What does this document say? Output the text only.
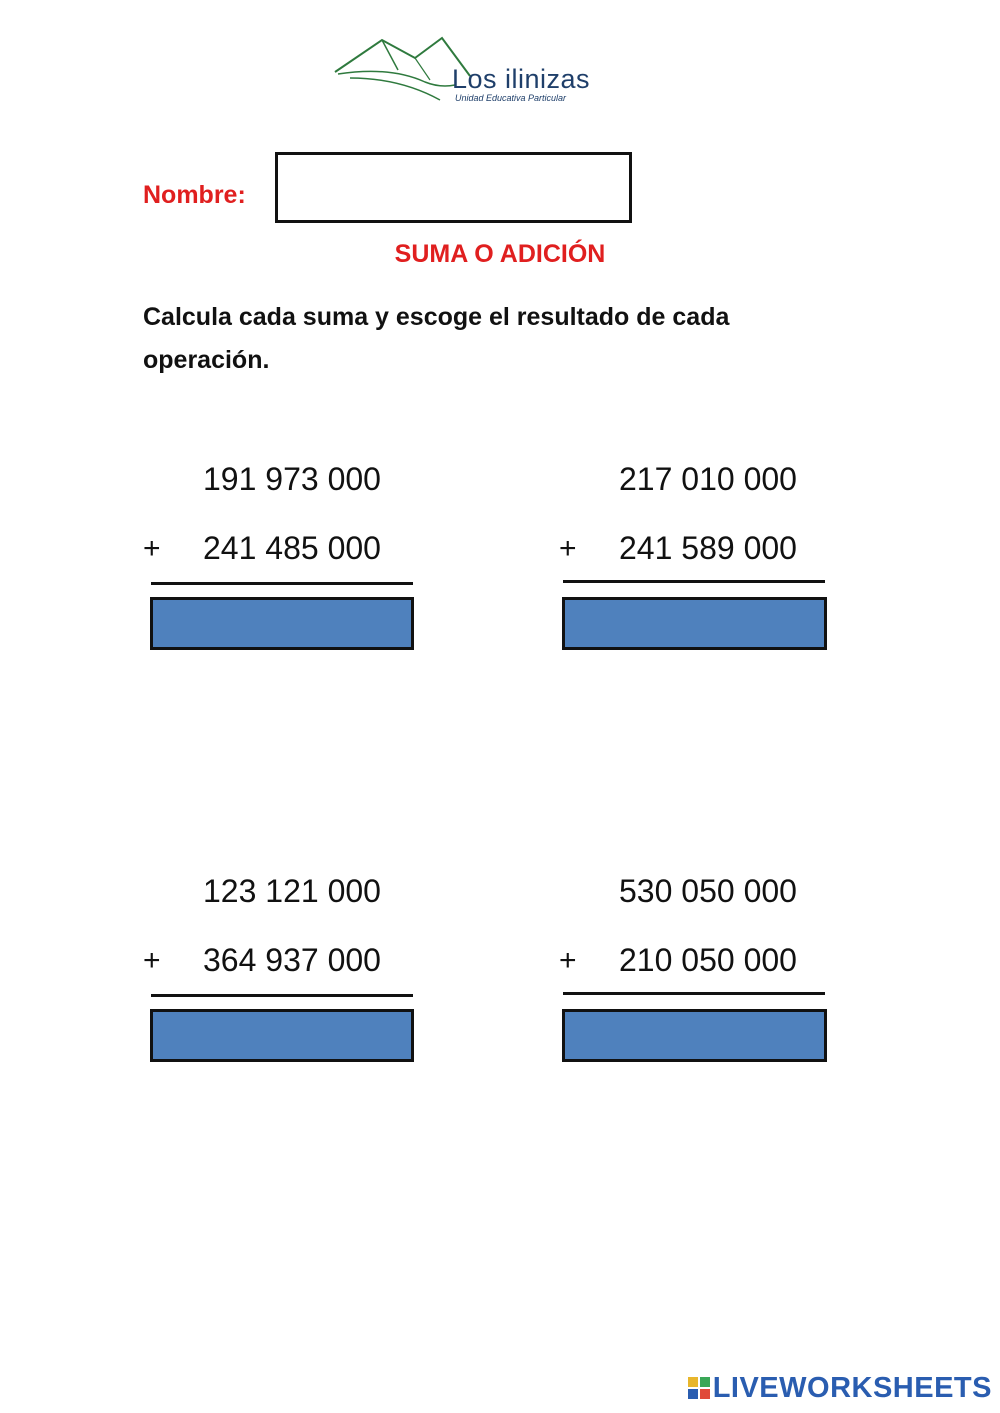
Los ilinizas
Unidad Educativa Particular
Nombre:
SUMA O ADICIÓN
Calcula cada suma y escoge el resultado de cada operación.
191 973 000
+ 241 485 000
217 010 000
+ 241 589 000
123 121 000
+ 364 937 000
530 050 000
+ 210 050 000
LIVEWORKSHEETS
